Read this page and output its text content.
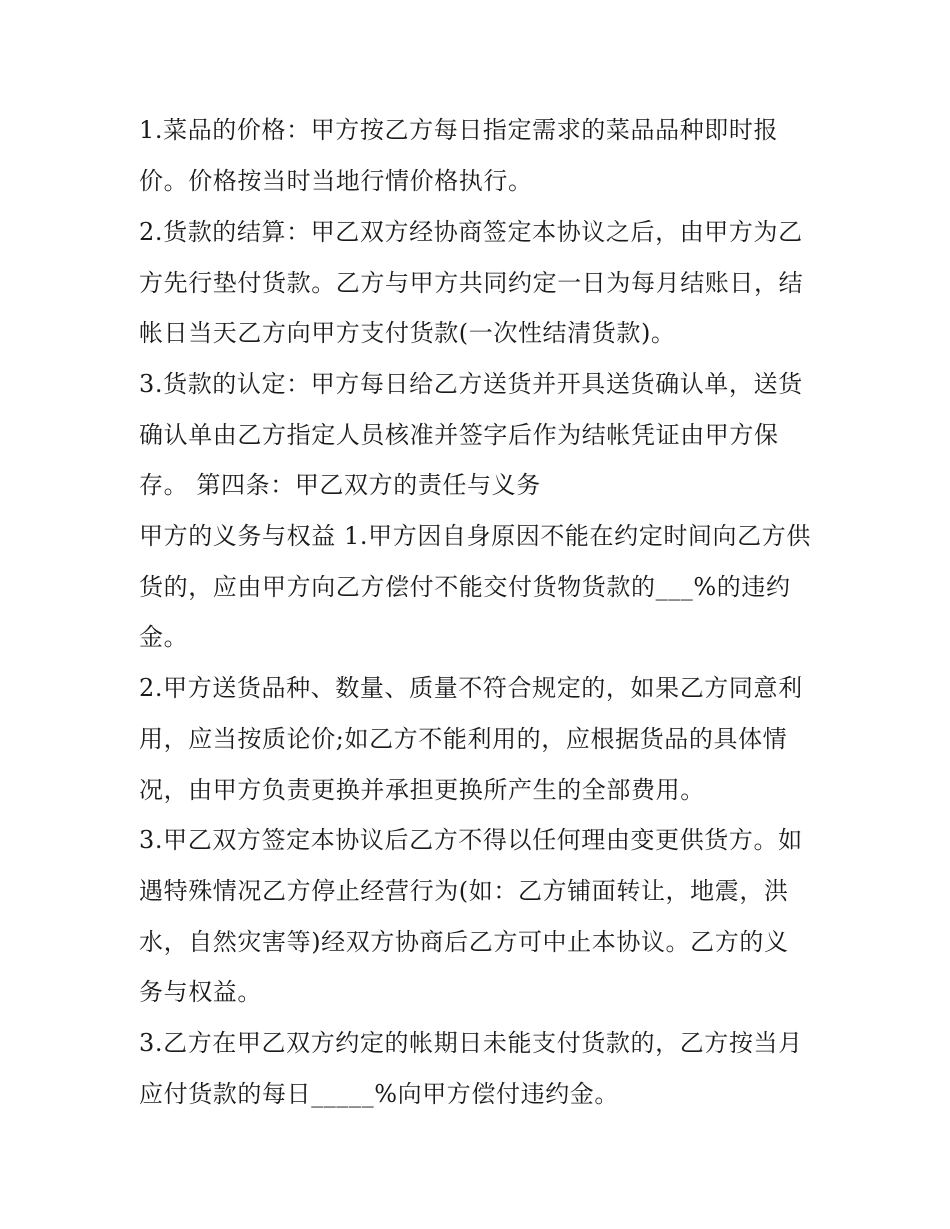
1.菜品的价格：甲方按乙方每日指定需求的菜品品种即时报
价。价格按当时当地行情价格执行。
2.货款的结算：甲乙双方经协商签定本协议之后，由甲方为乙
方先行垫付货款。乙方与甲方共同约定一日为每月结账日，结
帐日当天乙方向甲方支付货款(一次性结清货款)。
3.货款的认定：甲方每日给乙方送货并开具送货确认单，送货
确认单由乙方指定人员核准并签字后作为结帐凭证由甲方保
存。 第四条：甲乙双方的责任与义务
甲方的义务与权益 1.甲方因自身原因不能在约定时间向乙方供
货的，应由甲方向乙方偿付不能交付货物货款的___%的违约
金。
2.甲方送货品种、数量、质量不符合规定的，如果乙方同意利
用，应当按质论价;如乙方不能利用的，应根据货品的具体情
况，由甲方负责更换并承担更换所产生的全部费用。
3.甲乙双方签定本协议后乙方不得以任何理由变更供货方。如
遇特殊情况乙方停止经营行为(如：乙方铺面转让，地震，洪
水，自然灾害等)经双方协商后乙方可中止本协议。乙方的义
务与权益。
3.乙方在甲乙双方约定的帐期日未能支付货款的，乙方按当月
应付货款的每日_____%向甲方偿付违约金。
